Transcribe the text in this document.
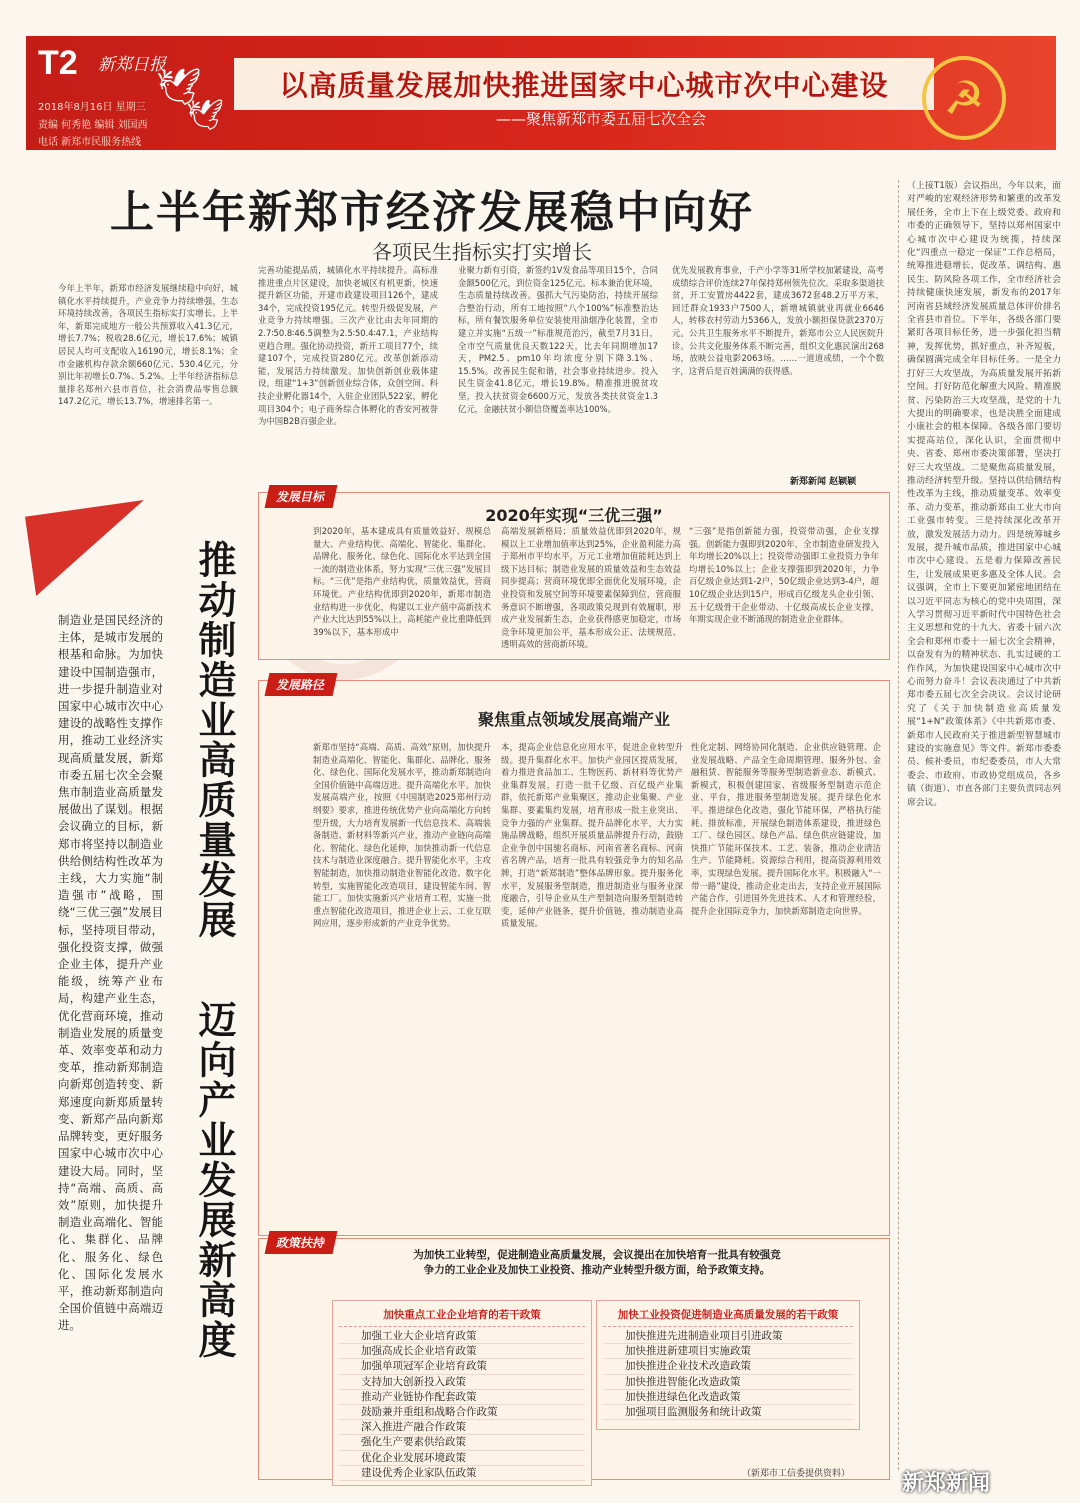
T2 新郑日报
2018年8月16日 星期三
责编 何秀艳 编辑 刘国西
电话 新郑市民服务热线
🕊
🕊
以高质量发展加快推进国家中心城市次中心建设
——聚焦新郑市委五届七次全会	☭
上半年新郑市经济发展稳中向好
各项民生指标实打实增长
今年上半年，新郑市经济发展继续稳中向好，城镇化水平持续提升，产业竞争力持续增强，生态环境持续改善，各项民生指标实打实增长。上半年，新郑完成地方一般公共预算收入41.3亿元，增长7.7%；税收28.6亿元，增长17.6%；城镇居民人均可支配收入16190元，增长8.1%；全市金融机构存款余额660亿元、530.4亿元，分别比年初增长0.7%、5.2%。上半年经济指标总量排名郑州六县市首位，社会消费品零售总额147.2亿元，增长13.7%，增速排名第一。
完善功能提品质，城镇化水平持续提升。高标准推进重点片区建设，加快老城区有机更新，快速提升新区功能，开建市政建设项目126个，建成34个，完成投资195亿元。转型升级促发展，产业竞争力持续增强。三次产业比由去年同期的2.7∶50.8∶46.5调整为2.5∶50.4∶47.1，产业结构更趋合理。强化协动投资，新开工项目77个，续建107个，完成投资280亿元。改革创新添动能，发展活力持续激发。加快创新创业载体建设，组建“1+3”创新创业综合体，众创空间、科技企业孵化器14个，入驻企业团队522家，孵化项目304个；电子商务综合体孵化的香安河被誉为中国B2B百强企业。
业聚力新有引资，新签约1V发食品等项目15个，合同金额500亿元，到位资金125亿元。标本兼治优环境，生态质量持续改善。强抓大气污染防治，持续开展综合整治行动，所有工地按照“八个100%”标准整治达标，所有餐饮服务单位安装使用油烟净化装置，全市建立并实施“五级一”标准规范治污，截至7月31日，全市空气质量优良天数122天，比去年同期增加17天，PM2.5、pm10年均浓度分别下降3.1%、15.5%。改善民生促和谐，社会事业持续进步。投入民生资金41.8亿元，增长19.8%。精准推进脱贫攻坚，投入扶贫资金6600万元，发放各类扶贫资金1.3亿元，金融扶贫小额信贷覆盖率达100%。
优先发展教育事业，千产小学等31所学校加紧建设，高考成绩综合评价连续27年保持郑州领先位次。采取多渠道扶贫，开工安置房4422套，建成3672套48.2万平方米，回迁群众1933户7500人，新增城镇就业再就业6646人，转移农村劳动力5366人，发放小额担保贷款2370万元。公共卫生服务水平不断提升，新郑市公立人民医院升诊。公共文化服务体系不断完善，组织文化惠民演出268场，放映公益电影2063场。……一道道成绩，一个个数字，这背后是百姓满满的获得感。
新郑新闻 赵颖颖
发展目标
2020年实现“三优三强”
到2020年，基本建成具有质量效益好、规模总量大、产业结构优、高端化、智能化、集群化、品牌化、服务化、绿色化、国际化水平达到全国一流的制造业体系，努力实现“三优三强”发展目标。“三优”是指产业结构优，质量效益优，营商环境优。产业结构优即到2020年，新郑市制造业结构进一步优化，构建以工业产值中高新技术产业大比达到55%以上，高耗能产业比重降低到39%以下，基本形成中
高端发展新格局；质量效益优即到2020年，规模以上工业增加值率达到25%，企业盈利能力高于郑州市平均水平，万元工业增加值能耗达到上级下达目标；制造业发展的质量效益和生态效益同步提高；营商环境优即全面优化发展环境，企业投资和发展空间等环境要素保障到位，营商服务意识不断增强，各项政策兑现到有效履职，形成产业发展新生态，企业获得感更加稳定，市场竞争环境更加公平，基本形成公正、法规规范、透明高效的营商新环境。
“三强”是指创新能力强，投资带动强，企业支撑强。创新能力强即到2020年，全市制造业研发投入年均增长20%以上；投资带动强即工业投资力争年均增长10%以上；企业支撑强即到2020年，力争百亿级企业达到1-2户，50亿级企业达到3-4户，超10亿级企业达到15户，形成百亿级龙头企业引领、五十亿级骨干企业带动、十亿级高成长企业支撑，年期实现企业不断涌现的制造业企业群体。
发展路径
聚焦重点领域发展高端产业
新郑市坚持“高端、高质、高效”原则，加快提升制造业高端化、智能化、集群化、品牌化、服务化、绿色化、国际化发展水平，推动新郑制造向全国价值链中高端迈进。提升高端化水平。加快发展高端产业，按照《中国制造2025郑州行动纲要》要求，推进传统优势产业向高端化方向转型升级，大力培育发展新一代信息技术、高端装备制造、新材料等新兴产业，推动产业链向高端化、智能化、绿色化延伸，加快推动新一代信息技术与制造业深度融合。提升智能化水平，主攻智能制造，加快推动制造业智能化改造、数字化转型，实施智能化改造项目，建设智能车间、智能工厂。加快实施新兴产业培育工程，实施一批重点智能化改造项目，推进企业上云、工业互联网应用，逐步形成新的产业竞争优势。
本，提高企业信息化应用水平，促进企业转型升级。提升集群化水平。加快产业园区提质发展，着力推进食品加工、生物医药、新材料等优势产业集群发展，打造一批千亿级、百亿级产业集群，依托新郑产业集聚区，推动企业集聚、产业集群、要素集约发展，培育形成一批主业突出、竞争力强的产业集群。提升品牌化水平，大力实施品牌战略，组织开展质量品牌提升行动，鼓励企业争创中国驰名商标、河南省著名商标、河南省名牌产品，培育一批具有较强竞争力的知名品牌，打造“新郑制造”整体品牌形象。提升服务化水平，发展服务型制造，推进制造业与服务业深度融合，引导企业从生产型制造向服务型制造转变，延伸产业链条，提升价值链，推动制造业高质量发展。
性化定制、网络协同化制造、企业供应链管理、企业发展战略、产品全生命周期管理、服务外包、金融租赁、智能服务等服务型制造新业态、新模式、新模式，积极创建国家、省级服务型制造示范企业、平台，推进服务型制造发展。提升绿色化水平。推进绿色化改造，强化节能环保，严格执行能耗、排放标准，开展绿色制造体系建设，推进绿色工厂、绿色园区、绿色产品、绿色供应链建设，加快推广节能环保技术、工艺、装备，推动企业清洁生产、节能降耗、资源综合利用，提高资源利用效率，实现绿色发展。提升国际化水平。积极融入“一带一路”建设，推动企业走出去，支持企业开展国际产能合作，引进国外先进技术、人才和管理经验，提升企业国际竞争力，加快新郑制造走向世界。
推动制造业高质量发展
迈向产业发展新高度
制造业是国民经济的主体，是城市发展的根基和命脉。为加快建设中国制造强市，进一步提升制造业对国家中心城市次中心建设的战略性支撑作用，推动工业经济实现高质量发展，新郑市委五届七次全会聚焦市制造业高质量发展做出了谋划。根据会议确立的目标，新郑市将坚持以制造业供给侧结构性改革为主线，大力实施“制造强市”战略，围绕“三优三强”发展目标，坚持项目带动，强化投资支撑，做强企业主体，提升产业能级，统筹产业布局，构建产业生态，优化营商环境，推动制造业发展的质量变革、效率变革和动力变革，推动新郑制造向新郑创造转变、新郑速度向新郑质量转变、新郑产品向新郑品牌转变，更好服务国家中心城市次中心建设大局。同时，坚持“高端、高质、高效”原则，加快提升制造业高端化、智能化、集群化、品牌化、服务化、绿色化、国际化发展水平，推动新郑制造向全国价值链中高端迈进。
政策扶持
为加快工业转型，促进制造业高质量发展，会议提出在加快培育一批具有较强竞争力的工业企业及加快工业投资、推动产业转型升级方面，给予政策支持。
加快重点工业企业培育的若干政策
加强工业大企业培育政策
加强高成长企业培育政策
加强单项冠军企业培育政策
支持加大创新投入政策
推动产业链协作配套政策
鼓励兼并重组和战略合作政策
深入推进产融合作政策
强化生产要素供给政策
优化企业发展环境政策
建设优秀企业家队伍政策
加快工业投资促进制造业高质量发展的若干政策
加快推进先进制造业项目引进政策
加快推进新建项目实施政策
加快推进企业技术改造政策
加快推进智能化改造政策
加快推进绿色化改造政策
加强项目监测服务和统计政策
（新郑市工信委提供资料）
（上接T1版）会议指出，今年以来，面对严峻的宏观经济形势和繁重的改革发展任务，全市上下在上级党委、政府和市委的正确领导下，坚持以郑州国家中心城市次中心建设为统揽，持续深化“四重点一稳定一保证”工作总格局，统筹推进稳增长、促改革、调结构、惠民生、防风险各项工作，全市经济社会持续健康快速发展，新发布的2017年河南省县域经济发展质量总体评价排名全省县市首位。下半年，各级各部门要紧盯各项目标任务，进一步强化担当精神，发挥优势，抓好重点，补齐短板，确保圆满完成全年目标任务。一是全力打好三大攻坚战，为高质量发展开拓新空间。打好防范化解重大风险、精准脱贫、污染防治三大攻坚战，是党的十九大提出的明确要求，也是决胜全面建成小康社会的根本保障。各级各部门要切实提高站位，深化认识，全面贯彻中央、省委、郑州市委决策部署，坚决打好三大攻坚战。二是聚焦高质量发展，推动经济转型升级。坚持以供给侧结构性改革为主线，推动质量变革、效率变革、动力变革，推动新郑由工业大市向工业强市转变。三是持续深化改革开放，激发发展活力动力。四是统筹城乡发展，提升城市品质，推进国家中心城市次中心建设。五是着力保障改善民生，让发展成果更多惠及全体人民。会议强调，全市上下要更加紧密地团结在以习近平同志为核心的党中央周围，深入学习贯彻习近平新时代中国特色社会主义思想和党的十九大、省委十届六次全会和郑州市委十一届七次全会精神，以奋发有为的精神状态、扎实过硬的工作作风，为加快建设国家中心城市次中心而努力奋斗！会议表决通过了中共新郑市委五届七次全会决议。会议讨论研究了《关于加快制造业高质量发展“1+N”政策体系》《中共新郑市委、新郑市人民政府关于推进新型智慧城市建设的实施意见》等文件。新郑市委委员、候补委员，市纪委委员，市人大常委会、市政府、市政协党组成员，各乡镇（街道）、市直各部门主要负责同志列席会议。
新郑新闻
